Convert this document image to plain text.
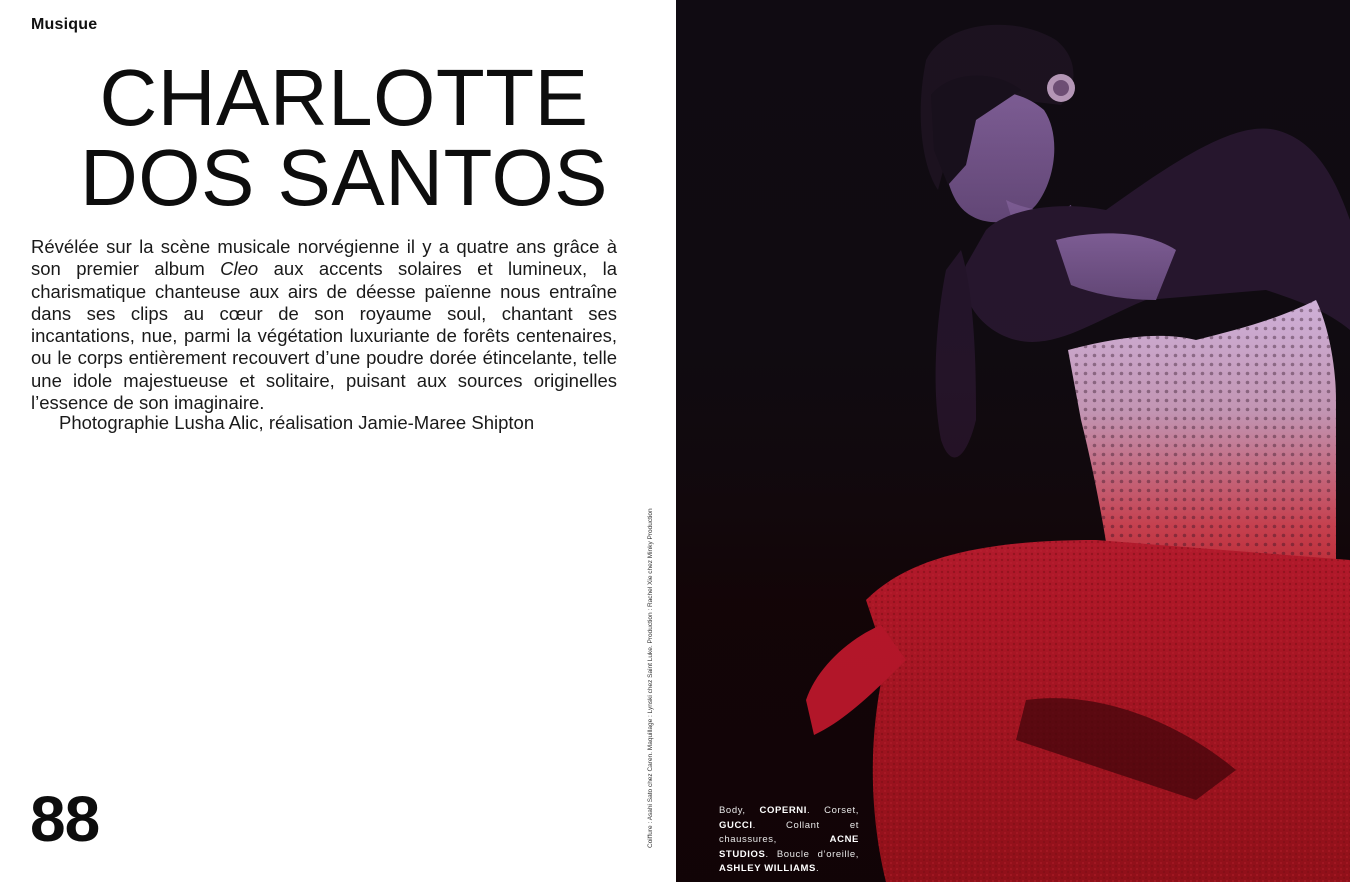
Musique
CHARLOTTE
DOS SANTOS

Révélée sur la scène musicale norvégienne il y a quatre ans grâce à son premier album Cleo aux accents solaires et lumineux, la charismatique chanteuse aux airs de déesse païenne nous entraîne dans ses clips au cœur de son royaume soul, chantant ses incantations, nue, parmi la végétation luxuriante de forêts centenaires, ou le corps entièrement recouvert d’une poudre dorée étincelante, telle une idole majestueuse et solitaire, puisant aux sources originelles l’essence de son imaginaire.

Photographie Lusha Alic, réalisation Jamie-Maree Shipton
88	Coiffure : Asahi Sato chez Caren. Maquillage : Lynski chez Saint Luke. Production : Rachel Xie chez Minky Production	Body, COPERNI. Corset, GUCCI. Collant et chaussures, ACNE STUDIOS. Boucle d’oreille, ASHLEY WILLIAMS.
